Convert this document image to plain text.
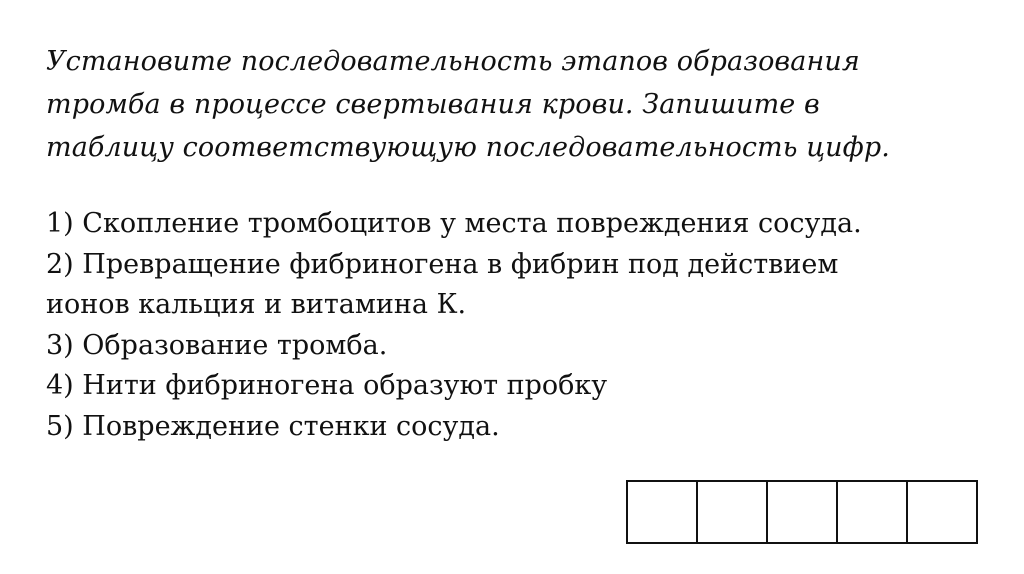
Установите последовательность этапов образования
тромба в процессе свертывания крови. Запишите в
таблицу соответствующую последовательность цифр.

1) Скопление тромбоцитов у места повреждения сосуда.
2) Превращение фибриногена в фибрин под действием
ионов кальция и витамина К.
3) Образование тромба.
4) Нити фибриногена образуют пробку
5) Повреждение стенки сосуда.
